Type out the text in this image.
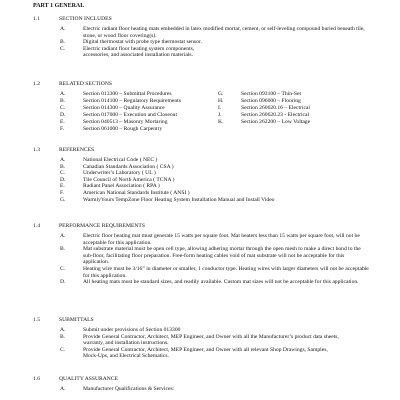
PART 1 GENERAL
1.1	SECTION INCLUDES
A.	Electric radiant floor heating mats embedded in latex modified mortar, cement, or self-leveling compound buried beneath tile, stone, or wood floor covering(s).
B.	Digital thermostat with probe type thermostat sensor.
C.	Electric radiant floor heating system components, accessories, and associated installation materials.
1.2	RELATED SECTIONS
A.	Section 013300 – Submittal Procedures	G.	Section 093100 – Thin-Set
B.	Section 014100 – Regulatory Requirements	H.	Section 096000 – Flooring
C.	Section 014300 – Quality Assurance	I.	Section 260620.16 – Electrical
D.	Section 017000 – Execution and Closeout	J.	Section 260620.23 - Electrical
E.	Section 040513 – Masonry Mortaring	K.	Section 262200 – Low Voltage
F.	Section 061000 – Rough Carpentry
1.3	REFERENCES
A.	National Electrical Code ( NEC )
B.	Canadian Standards Association ( CSA )
C.	Underwriter’s Laboratory ( UL )
D.	Tile Council of North America ( TCNA )
E.	Radiant Panel Association ( RPA )
F.	American National Standards Institute ( ANSI )
G.	WarmlyYours TempZone Floor Heating System Installation Manual and Install Video
1.4	PERFORMANCE REQUIREMENTS
A.	Electric floor heating mat must generate 15 watts per square foot. Mat heaters less than 15 watts per square foot, will not be acceptable for this application.
B.	Mat substrate material must be open cell type, allowing adhering mortar through the open mesh to make a direct bond to the sub-floor, facilitating floor preparation. Free-form heating cables void of mat substrate will not be acceptable for this application.
C.	Heating wire must be 3/16” in diameter or smaller, 1 conductor type. Heating wires with larger diameters will not be acceptable for this application.
D.	All heating mats must be standard sizes, and readily available. Custom mat sizes will not be acceptable for this application.
1.5	SUBMITTALS
A.	Submit under provisions of Section 013300
B.	Provide General Contractor, Architect, MEP Engineer, and Owner with all the Manufacturer’s product data sheets, warranty, and installation instructions.
C.	Provide General Contractor, Architect, MEP Engineer, and Owner with all relevant Shop Drawings, Samples, Mock-Ups, and Electrical Schematics.
1.6	QUALITY ASSURANCE
A.	Manufacturer Qualifications & Services:
